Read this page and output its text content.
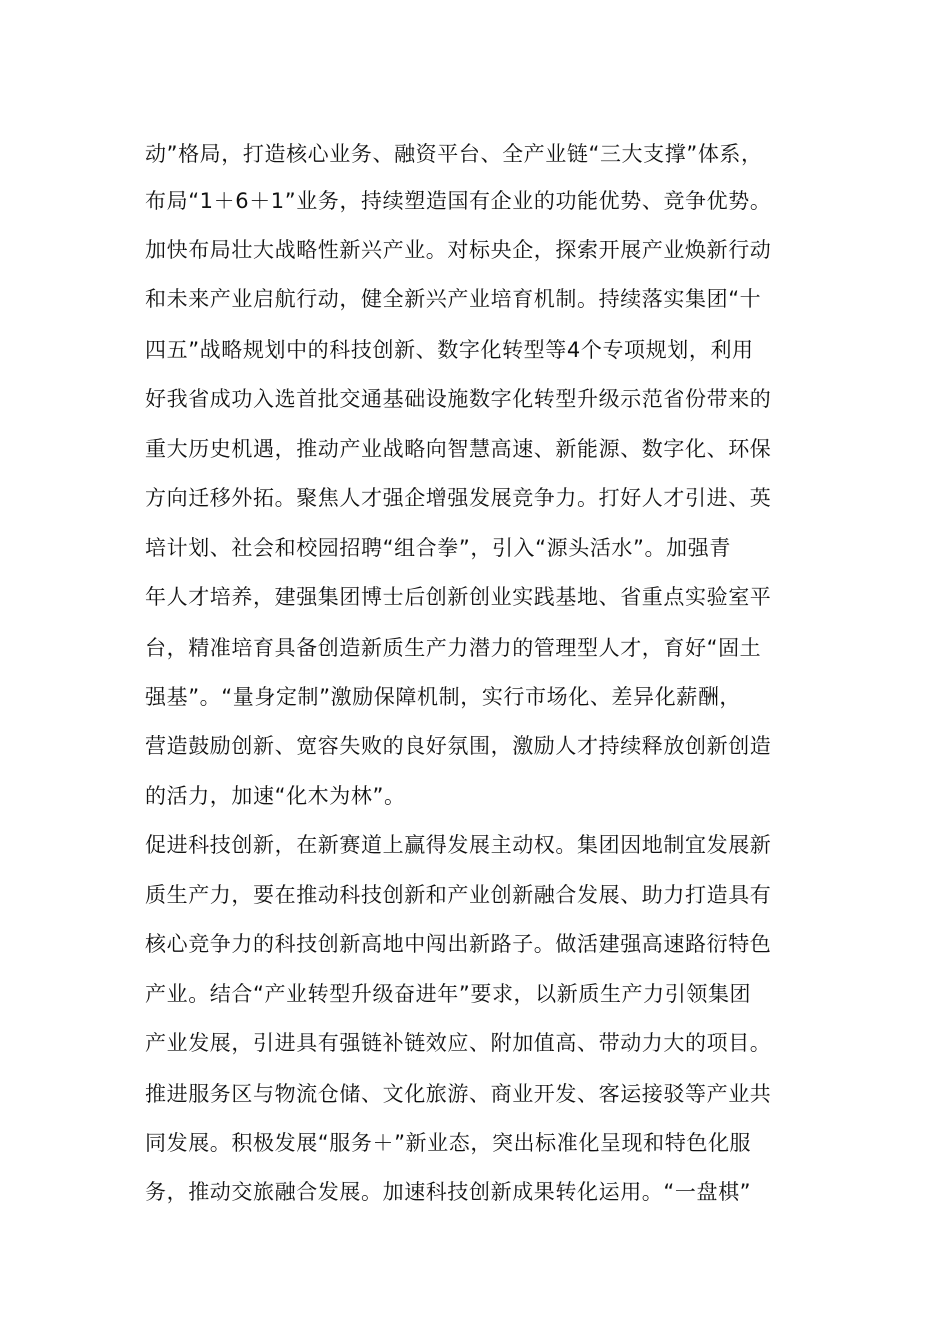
动”格局，打造核心业务、融资平台、全产业链“三大支撑”体系，
布局“1＋6＋1”业务，持续塑造国有企业的功能优势、竞争优势。
加快布局壮大战略性新兴产业。对标央企，探索开展产业焕新行动
和未来产业启航行动，健全新兴产业培育机制。持续落实集团“十
四五”战略规划中的科技创新、数字化转型等4个专项规划，利用
好我省成功入选首批交通基础设施数字化转型升级示范省份带来的
重大历史机遇，推动产业战略向智慧高速、新能源、数字化、环保
方向迁移外拓。聚焦人才强企增强发展竞争力。打好人才引进、英
培计划、社会和校园招聘“组合拳”，引入“源头活水”。加强青
年人才培养，建强集团博士后创新创业实践基地、省重点实验室平
台，精准培育具备创造新质生产力潜力的管理型人才，育好“固土
强基”。“量身定制”激励保障机制，实行市场化、差异化薪酬，
营造鼓励创新、宽容失败的良好氛围，激励人才持续释放创新创造
的活力，加速“化木为林”。
促进科技创新，在新赛道上赢得发展主动权。集团因地制宜发展新
质生产力，要在推动科技创新和产业创新融合发展、助力打造具有
核心竞争力的科技创新高地中闯出新路子。做活建强高速路衍特色
产业。结合“产业转型升级奋进年”要求，以新质生产力引领集团
产业发展，引进具有强链补链效应、附加值高、带动力大的项目。
推进服务区与物流仓储、文化旅游、商业开发、客运接驳等产业共
同发展。积极发展“服务＋”新业态，突出标准化呈现和特色化服
务，推动交旅融合发展。加速科技创新成果转化运用。“一盘棋”
